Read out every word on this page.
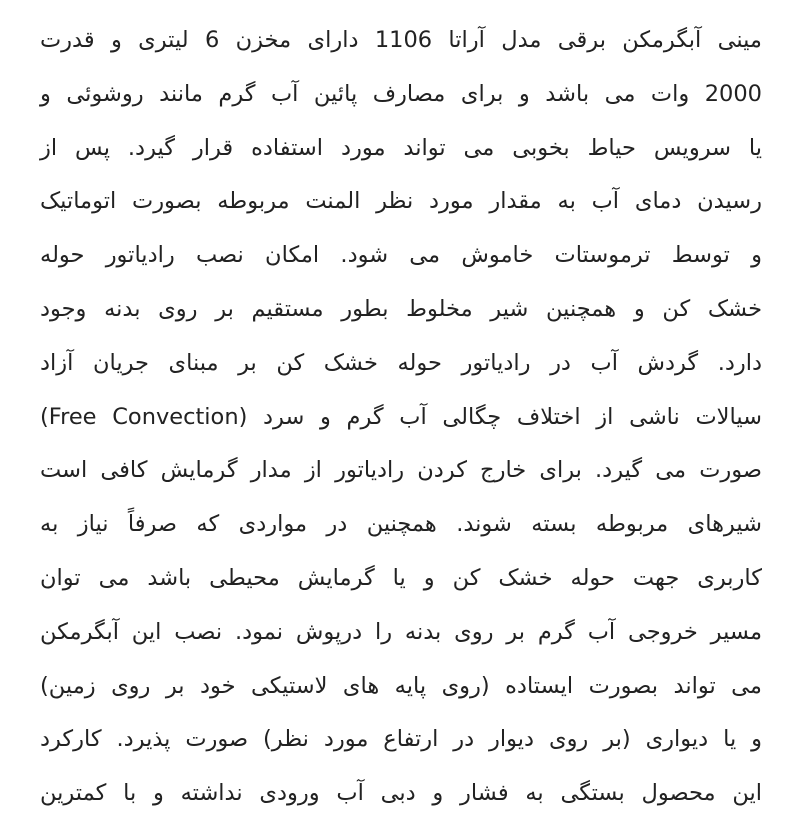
مینی آبگرمکن برقی مدل آراتا 1106 دارای مخزن 6 لیتری و قدرت
2000 وات می باشد و برای مصارف پائین آب گرم مانند روشوئی و
یا سرویس حیاط بخوبی می تواند مورد استفاده قرار گیرد. پس از
رسیدن دمای آب به مقدار مورد نظر المنت مربوطه بصورت اتوماتیک
و توسط ترموستات خاموش می شود. امکان نصب رادیاتور حوله
خشک کن و همچنین شیر مخلوط بطور مستقیم بر روی بدنه وجود
دارد. گردش آب در رادیاتور حوله خشک کن بر مبنای جریان آزاد
سیالات ناشی از اختلاف چگالی آب گرم و سرد (Free Convection)
صورت می گیرد. برای خارج کردن رادیاتور از مدار گرمایش کافی است
شیرهای مربوطه بسته شوند. همچنین در مواردی که صرفاً نیاز به
کاربری جهت حوله خشک کن و یا گرمایش محیطی باشد می توان
مسیر خروجی آب گرم بر روی بدنه را درپوش نمود. نصب این آبگرمکن
می تواند بصورت ایستاده (روی پایه های لاستیکی خود بر روی زمین)
و یا دیواری (بر روی دیوار در ارتفاع مورد نظر) صورت پذیرد. کارکرد
این محصول بستگی به فشار و دبی آب ورودی نداشته و با کمترین
